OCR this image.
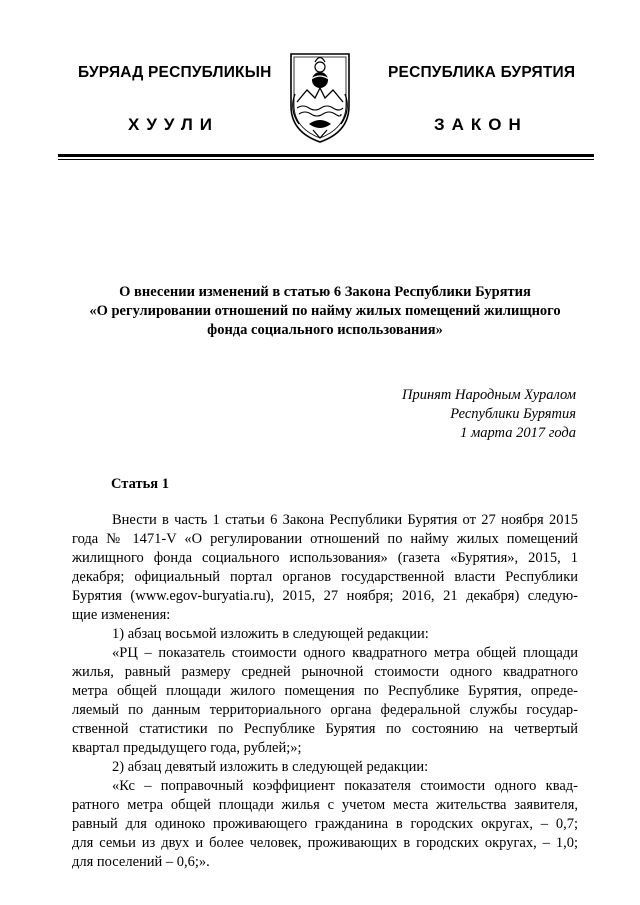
БУРЯАД РЕСПУБЛИКЫН
ХУУЛИ
РЕСПУБЛИКА БУРЯТИЯ
ЗАКОН
О внесении изменений в статью 6 Закона Республики Бурятия
«О регулировании отношений по найму жилых помещений жилищного
фонда социального использования»
Принят Народным Хуралом
Республики Бурятия
1 марта 2017 года
Статья 1
Внести в часть 1 статьи 6 Закона Республики Бурятия от 27 ноября 2015
года № 1471-V «О регулировании отношений по найму жилых помещений
жилищного фонда социального использования» (газета «Бурятия», 2015, 1
декабря; официальный портал органов государственной власти Республики
Бурятия (www.egov-buryatia.ru), 2015, 27 ноября; 2016, 21 декабря) следую-
щие изменения:
1) абзац восьмой изложить в следующей редакции:
«РЦ – показатель стоимости одного квадратного метра общей площади
жилья, равный размеру средней рыночной стоимости одного квадратного
метра общей площади жилого помещения по Республике Бурятия, опреде-
ляемый по данным территориального органа федеральной службы государ-
ственной статистики по Республике Бурятия по состоянию на четвертый
квартал предыдущего года, рублей;»;
2) абзац девятый изложить в следующей редакции:
«Кс – поправочный коэффициент показателя стоимости одного квад-
ратного метра общей площади жилья с учетом места жительства заявителя,
равный для одиноко проживающего гражданина в городских округах, – 0,7;
для семьи из двух и более человек, проживающих в городских округах, – 1,0;
для поселений – 0,6;».
